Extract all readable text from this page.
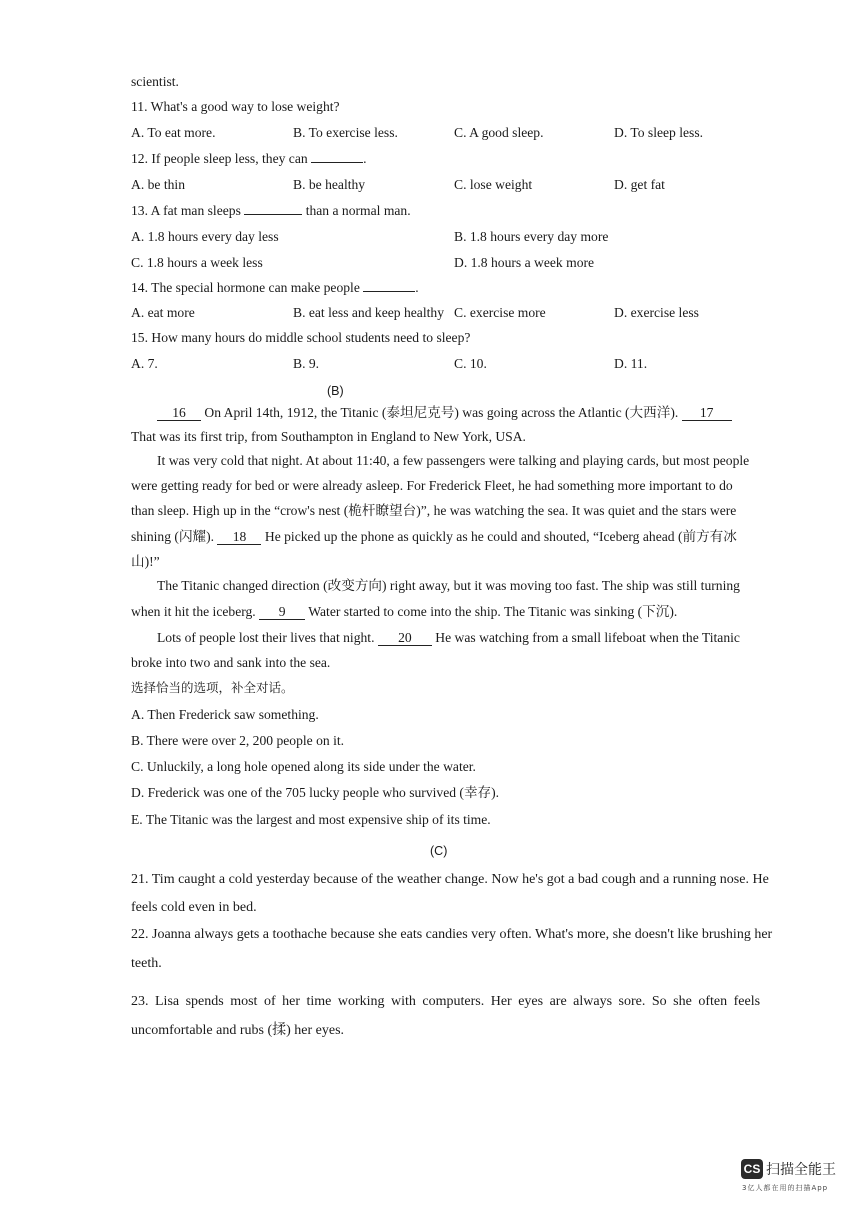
scientist.
11. What's a good way to lose weight?
A. To eat more.	B. To exercise less.	C. A good sleep.	D. To sleep less.
12. If people sleep less, they can	.
A. be thin	B. be healthy	C. lose weight	D. get fat
13. A fat man sleeps	than a normal man.
A. 1.8 hours every day less	B. 1.8 hours every day more
C. 1.8 hours a week less	D. 1.8 hours a week more
14. The special hormone can make people	.
A. eat more	B. eat less and keep healthy C. exercise more	D. exercise less
15. How many hours do middle school students need to sleep?
A. 7.	B. 9.	C. 10.	D. 11.
(B)
16 On April 14th, 1912, the Titanic (泰坦尼克号) was going across the Atlantic (大西洋). 17
That was its first trip, from Southampton in England to New York, USA.
It was very cold that night. At about 11:40, a few passengers were talking and playing cards, but most people
were getting ready for bed or were already asleep. For Frederick Fleet, he had something more important to do
than sleep. High up in the “crow's nest (桅杆瞭望台)”, he was watching the sea. It was quiet and the stars were
shining (闪耀). 18 He picked up the phone as quickly as he could and shouted, “Iceberg ahead (前方有冰
山)!”
The Titanic changed direction (改变方向) right away, but it was moving too fast. The ship was still turning
when it hit the iceberg. 9 Water started to come into the ship. The Titanic was sinking (下沉).
Lots of people lost their lives that night. 20 He was watching from a small lifeboat when the Titanic
broke into two and sank into the sea.
选择恰当的选项，补全对话。
A. Then Frederick saw something.
B. There were over 2, 200 people on it.
C. Unluckily, a long hole opened along its side under the water.
D. Frederick was one of the 705 lucky people who survived (幸存).
E. The Titanic was the largest and most expensive ship of its time.
(C)
21. Tim caught a cold yesterday because of the weather change. Now he's got a bad cough and a running nose. He
feels cold even in bed.
22. Joanna always gets a toothache because she eats candies very often. What's more, she doesn't like brushing her
teeth.
23. Lisa spends most of her time working with computers. Her eyes are always sore. So she often feels
uncomfortable and rubs (揉) her eyes.
CS 扫描全能王
3亿人都在用的扫描App
